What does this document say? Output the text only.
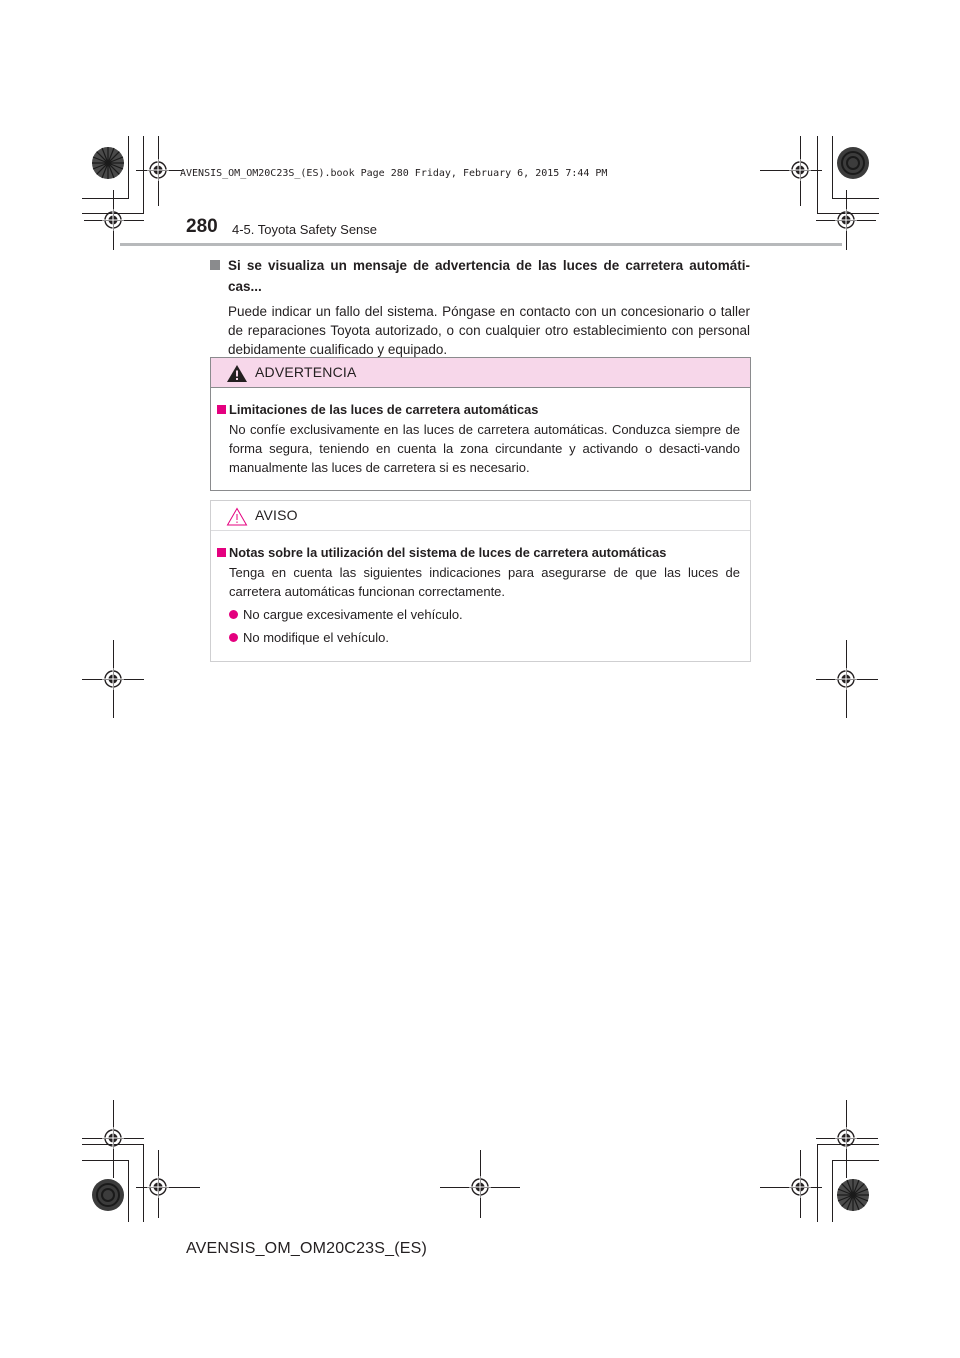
AVENSIS_OM_OM20C23S_(ES).book Page 280 Friday, February 6, 2015 7:44 PM
280 4-5. Toyota Safety Sense
Si se visualiza un mensaje de advertencia de las luces de carretera automáti-cas...
Puede indicar un fallo del sistema. Póngase en contacto con un concesionario o taller de reparaciones Toyota autorizado, o con cualquier otro establecimiento con personal debidamente cualificado y equipado.
ADVERTENCIA
Limitaciones de las luces de carretera automáticas
No confíe exclusivamente en las luces de carretera automáticas. Conduzca siempre de forma segura, teniendo en cuenta la zona circundante y activando o desacti-vando manualmente las luces de carretera si es necesario.
AVISO
Notas sobre la utilización del sistema de luces de carretera automáticas
Tenga en cuenta las siguientes indicaciones para asegurarse de que las luces de carretera automáticas funcionan correctamente.
No cargue excesivamente el vehículo.
No modifique el vehículo.
AVENSIS_OM_OM20C23S_(ES)
